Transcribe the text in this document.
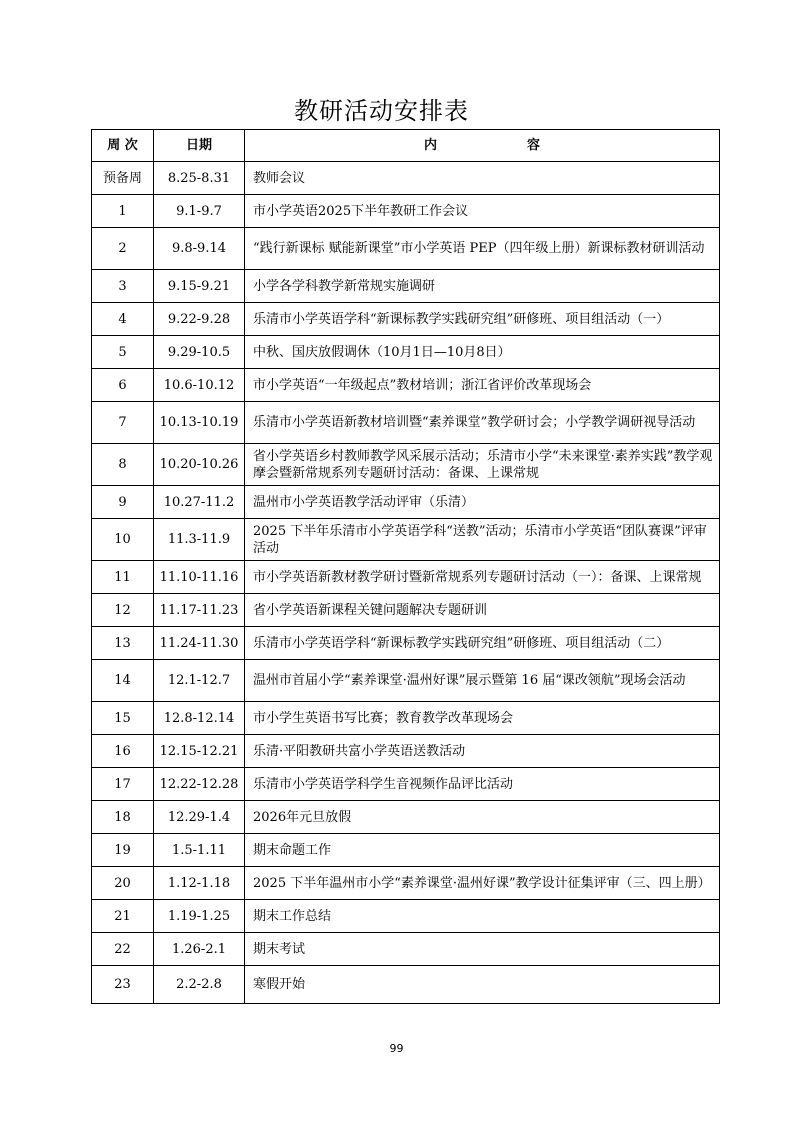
教研活动安排表
周 次	日期	内容
预备周	8.25-8.31	教师会议
1	9.1-9.7	市小学英语2025下半年教研工作会议
2	9.8-9.14	“践行新课标 赋能新课堂”市小学英语 PEP（四年级上册）新课标教材研训活动
3	9.15-9.21	小学各学科教学新常规实施调研
4	9.22-9.28	乐清市小学英语学科“新课标教学实践研究组”研修班、项目组活动（一）
5	9.29-10.5	中秋、国庆放假调休（10月1日—10月8日）
6	10.6-10.12	市小学英语“一年级起点”教材培训；浙江省评价改革现场会
7	10.13-10.19	乐清市小学英语新教材培训暨“素养课堂”教学研讨会；小学教学调研视导活动
8	10.20-10.26	省小学英语乡村教师教学风采展示活动；乐清市小学“未来课堂·素养实践”教学观摩会暨新常规系列专题研讨活动：备课、上课常规
9	10.27-11.2	温州市小学英语教学活动评审（乐清）
10	11.3-11.9	2025 下半年乐清市小学英语学科“送教”活动；乐清市小学英语“团队赛课”评审活动
11	11.10-11.16	市小学英语新教材教学研讨暨新常规系列专题研讨活动（一）：备课、上课常规
12	11.17-11.23	省小学英语新课程关键问题解决专题研训
13	11.24-11.30	乐清市小学英语学科“新课标教学实践研究组”研修班、项目组活动（二）
14	12.1-12.7	温州市首届小学“素养课堂·温州好课”展示暨第 16 届“课改领航”现场会活动
15	12.8-12.14	市小学生英语书写比赛；教育教学改革现场会
16	12.15-12.21	乐清·平阳教研共富小学英语送教活动
17	12.22-12.28	乐清市小学英语学科学生音视频作品评比活动
18	12.29-1.4	2026年元旦放假
19	1.5-1.11	期末命题工作
20	1.12-1.18	2025 下半年温州市小学“素养课堂·温州好课”教学设计征集评审（三、四上册）
21	1.19-1.25	期末工作总结
22	1.26-2.1	期末考试
23	2.2-2.8	寒假开始
99
